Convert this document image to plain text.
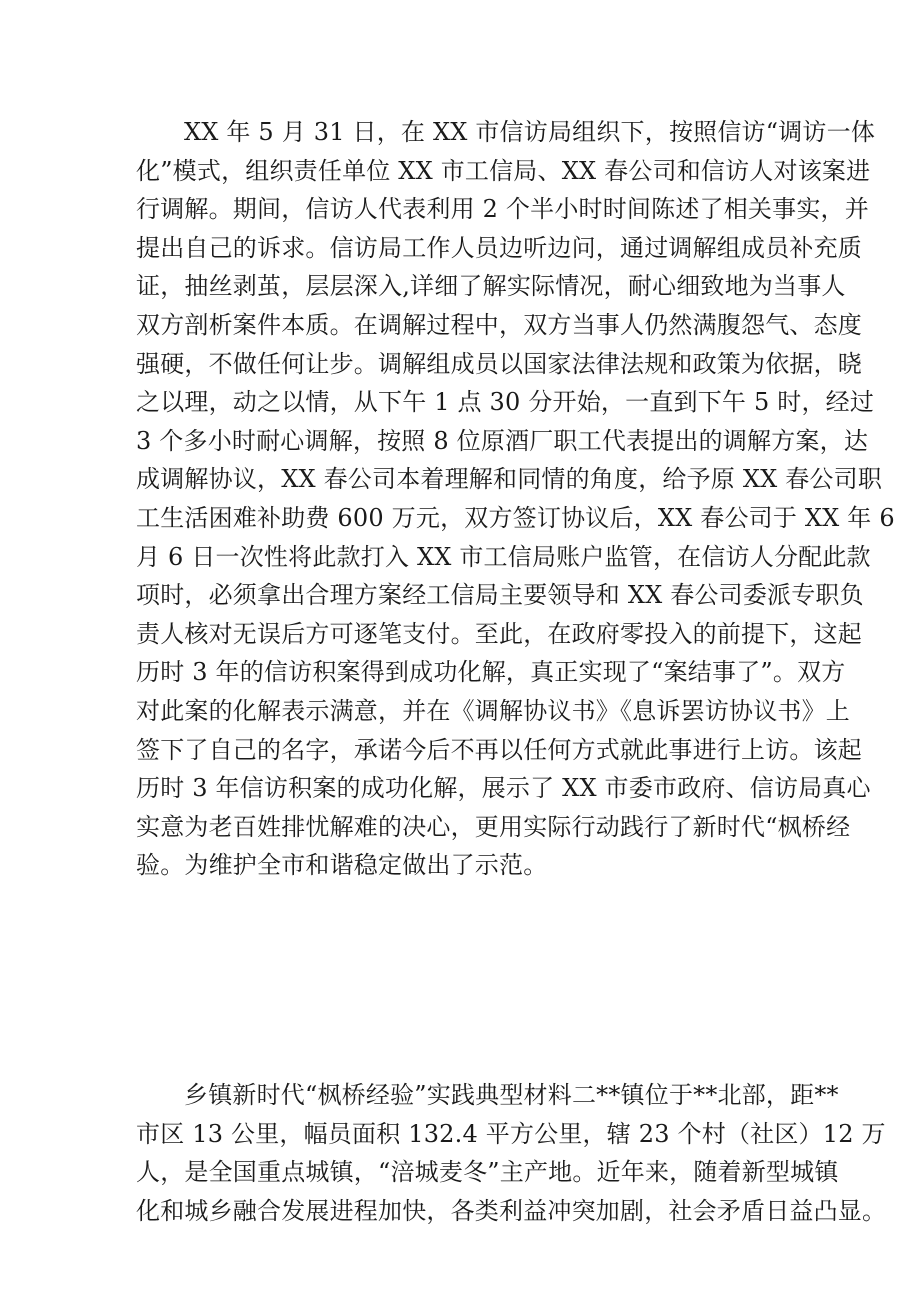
XX 年 5 月 31 日，在 XX 市信访局组织下，按照信访“调访一体
化”模式，组织责任单位 XX 市工信局、XX 春公司和信访人对该案进
行调解。期间，信访人代表利用 2 个半小时时间陈述了相关事实，并
提出自己的诉求。信访局工作人员边听边问，通过调解组成员补充质
证，抽丝剥茧，层层深入,详细了解实际情况，耐心细致地为当事人
双方剖析案件本质。在调解过程中，双方当事人仍然满腹怨气、态度
强硬，不做任何让步。调解组成员以国家法律法规和政策为依据，晓
之以理，动之以情，从下午 1 点 30 分开始，一直到下午 5 时，经过
3 个多小时耐心调解，按照 8 位原酒厂职工代表提出的调解方案，达
成调解协议，XX 春公司本着理解和同情的角度，给予原 XX 春公司职
工生活困难补助费 600 万元，双方签订协议后，XX 春公司于 XX 年 6
月 6 日一次性将此款打入 XX 市工信局账户监管，在信访人分配此款
项时，必须拿出合理方案经工信局主要领导和 XX 春公司委派专职负
责人核对无误后方可逐笔支付。至此，在政府零投入的前提下，这起
历时 3 年的信访积案得到成功化解，真正实现了“案结事了”。双方
对此案的化解表示满意，并在《调解协议书》《息诉罢访协议书》上
签下了自己的名字，承诺今后不再以任何方式就此事进行上访。该起
历时 3 年信访积案的成功化解，展示了 XX 市委市政府、信访局真心
实意为老百姓排忧解难的决心，更用实际行动践行了新时代“枫桥经
验。为维护全市和谐稳定做出了示范。
乡镇新时代“枫桥经验”实践典型材料二**镇位于**北部，距**
市区 13 公里，幅员面积 132.4 平方公里，辖 23 个村（社区）12 万
人，是全国重点城镇，“涪城麦冬”主产地。近年来，随着新型城镇
化和城乡融合发展进程加快，各类利益冲突加剧，社会矛盾日益凸显。
